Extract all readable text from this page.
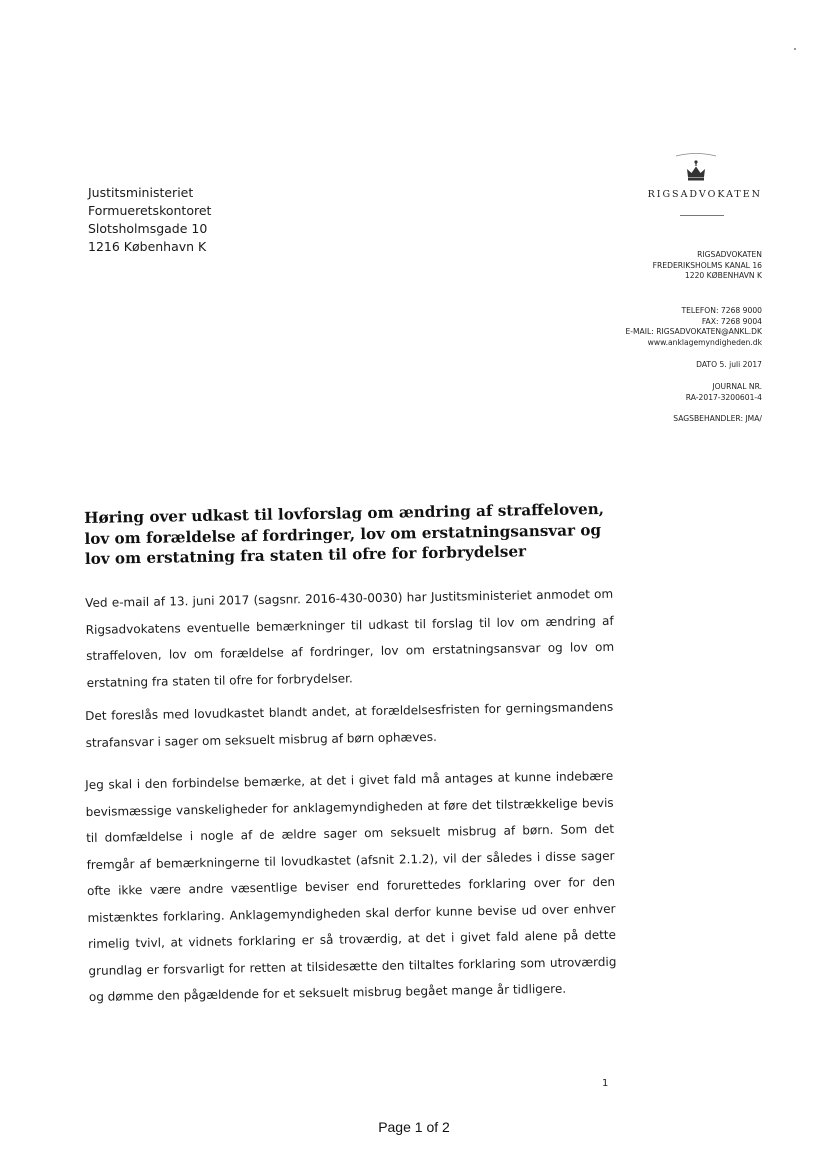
Justitsministeriet
Formueretskontoret
Slotsholmsgade 10
1216 København K
RIGSADVOKATEN
RIGSADVOKATEN
FREDERIKSHOLMS KANAL 16
1220 KØBENHAVN K
TELEFON: 7268 9000
FAX: 7268 9004
E-MAIL: RIGSADVOKATEN@ANKL.DK
www.anklagemyndigheden.dk
DATO 5. juli 2017
JOURNAL NR.
RA-2017-3200601-4
SAGSBEHANDLER: JMA/
Høring over udkast til lovforslag om ændring af straffeloven, lov om forældelse af fordringer, lov om erstatningsansvar og lov om erstatning fra staten til ofre for forbrydelser
Ved e-mail af 13. juni 2017 (sagsnr. 2016-430-0030) har Justitsministeriet anmodet om Rigsadvokatens eventuelle bemærkninger til udkast til forslag til lov om ændring af straffeloven, lov om forældelse af fordringer, lov om erstatningsansvar og lov om erstatning fra staten til ofre for forbrydelser.
Det foreslås med lovudkastet blandt andet, at forældelsesfristen for gerningsmandens strafansvar i sager om seksuelt misbrug af børn ophæves.
Jeg skal i den forbindelse bemærke, at det i givet fald må antages at kunne indebære bevismæssige vanskeligheder for anklagemyndigheden at føre det tilstrækkelige bevis til domfældelse i nogle af de ældre sager om seksuelt misbrug af børn. Som det fremgår af bemærkningerne til lovudkastet (afsnit 2.1.2), vil der således i disse sager ofte ikke være andre væsentlige beviser end forurettedes forklaring over for den mistænktes forklaring. Anklagemyndigheden skal derfor kunne bevise ud over enhver rimelig tvivl, at vidnets forklaring er så troværdig, at det i givet fald alene på dette grundlag er forsvarligt for retten at tilsidesætte den tiltaltes forklaring som utroværdig og dømme den pågældende for et seksuelt misbrug begået mange år tidligere.
1
Page 1 of 2
